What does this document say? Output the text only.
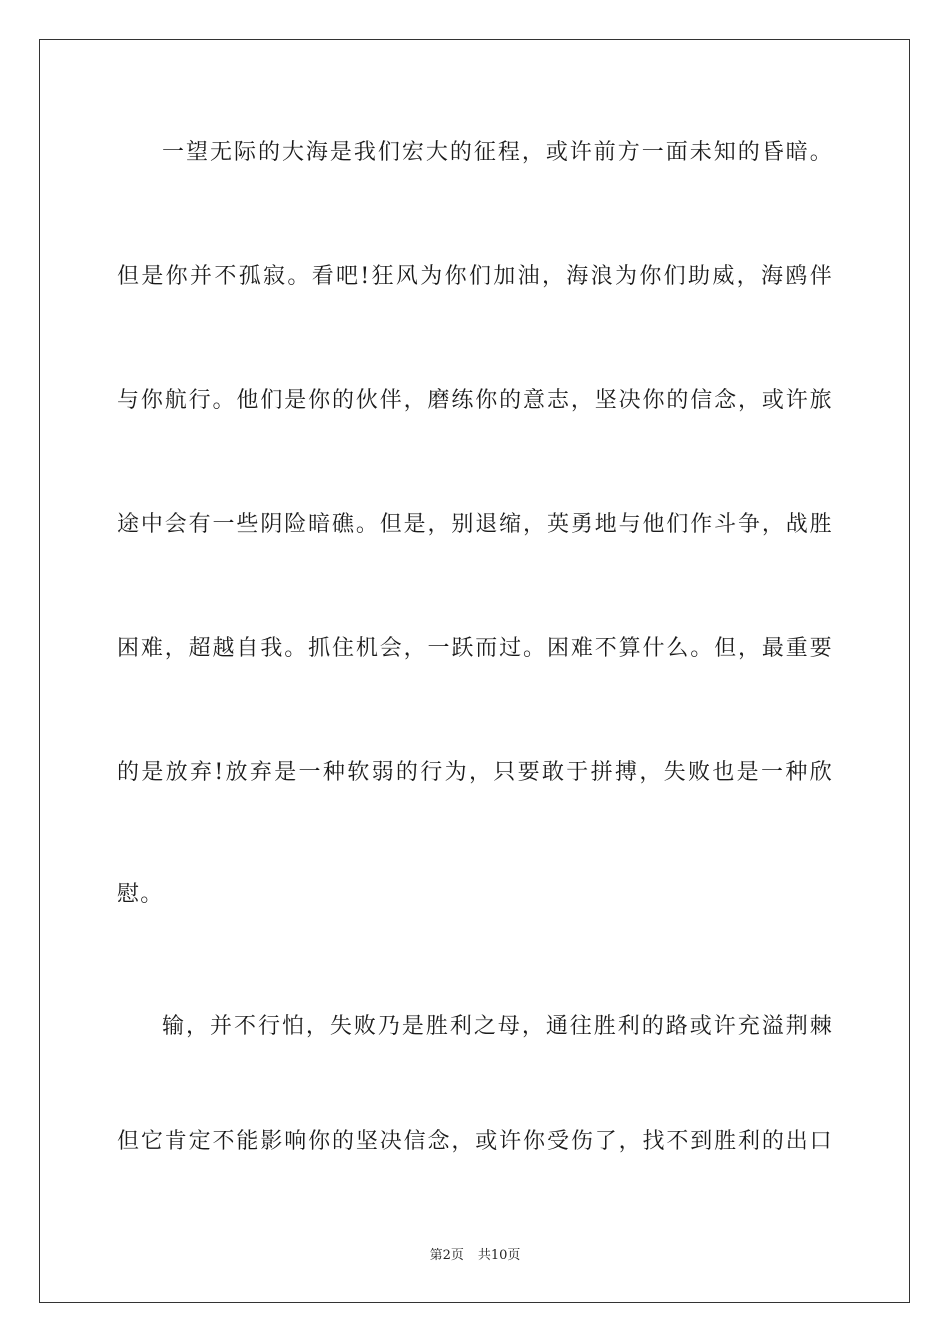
一望无际的大海是我们宏大的征程，或许前方一面未知的昏暗。
但是你并不孤寂。看吧!狂风为你们加油，海浪为你们助威，海鸥伴
与你航行。他们是你的伙伴，磨练你的意志，坚决你的信念，或许旅
途中会有一些阴险暗礁。但是，别退缩，英勇地与他们作斗争，战胜
困难，超越自我。抓住机会，一跃而过。困难不算什么。但，最重要
的是放弃!放弃是一种软弱的行为，只要敢于拼搏，失败也是一种欣
慰。
输，并不行怕，失败乃是胜利之母，通往胜利的路或许充溢荆棘
但它肯定不能影响你的坚决信念，或许你受伤了，找不到胜利的出口
第2页 共10页
